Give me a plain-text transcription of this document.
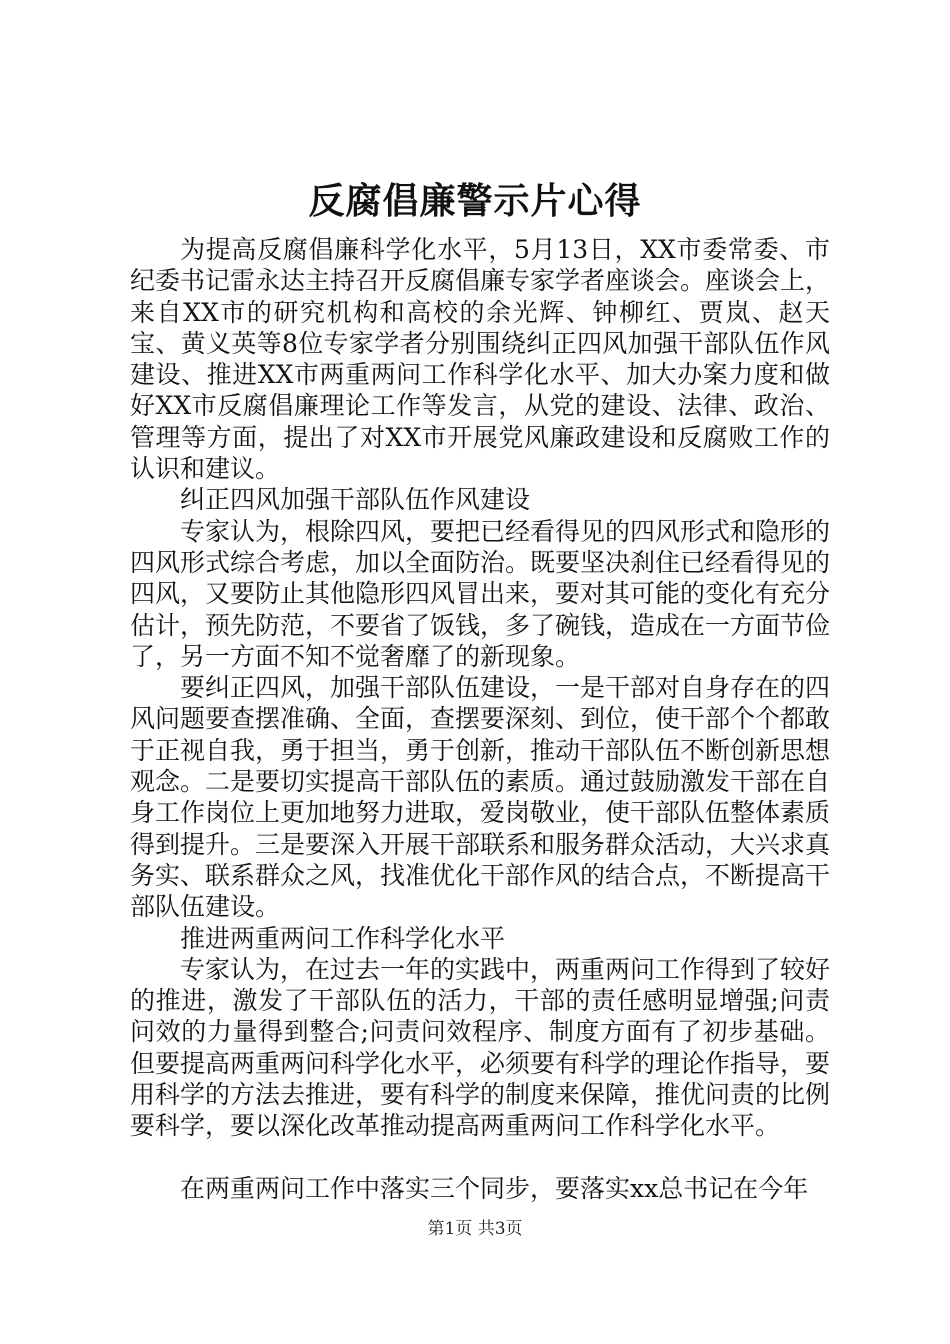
反腐倡廉警示片心得

为提高反腐倡廉科学化水平，5月13日，XX市委常委、市纪委书记雷永达主持召开反腐倡廉专家学者座谈会。座谈会上，来自XX市的研究机构和高校的余光辉、钟柳红、贾岚、赵天宝、黄义英等8位专家学者分别围绕纠正四风加强干部队伍作风建设、推进XX市两重两问工作科学化水平、加大办案力度和做好XX市反腐倡廉理论工作等发言，从党的建设、法律、政治、管理等方面，提出了对XX市开展党风廉政建设和反腐败工作的认识和建议。

纠正四风加强干部队伍作风建设

专家认为，根除四风，要把已经看得见的四风形式和隐形的四风形式综合考虑，加以全面防治。既要坚决刹住已经看得见的四风，又要防止其他隐形四风冒出来，要对其可能的变化有充分估计，预先防范，不要省了饭钱，多了碗钱，造成在一方面节俭了，另一方面不知不觉奢靡了的新现象。

要纠正四风，加强干部队伍建设，一是干部对自身存在的四风问题要查摆准确、全面，查摆要深刻、到位，使干部个个都敢于正视自我，勇于担当，勇于创新，推动干部队伍不断创新思想观念。二是要切实提高干部队伍的素质。通过鼓励激发干部在自身工作岗位上更加地努力进取，爱岗敬业，使干部队伍整体素质得到提升。三是要深入开展干部联系和服务群众活动，大兴求真务实、联系群众之风，找准优化干部作风的结合点，不断提高干部队伍建设。

推进两重两问工作科学化水平

专家认为，在过去一年的实践中，两重两问工作得到了较好的推进，激发了干部队伍的活力，干部的责任感明显增强;问责问效的力量得到整合;问责问效程序、制度方面有了初步基础。但要提高两重两问科学化水平，必须要有科学的理论作指导，要用科学的方法去推进，要有科学的制度来保障，推优问责的比例要科学，要以深化改革推动提高两重两问工作科学化水平。

在两重两问工作中落实三个同步，要落实xx总书记在今年

第1页 共3页
